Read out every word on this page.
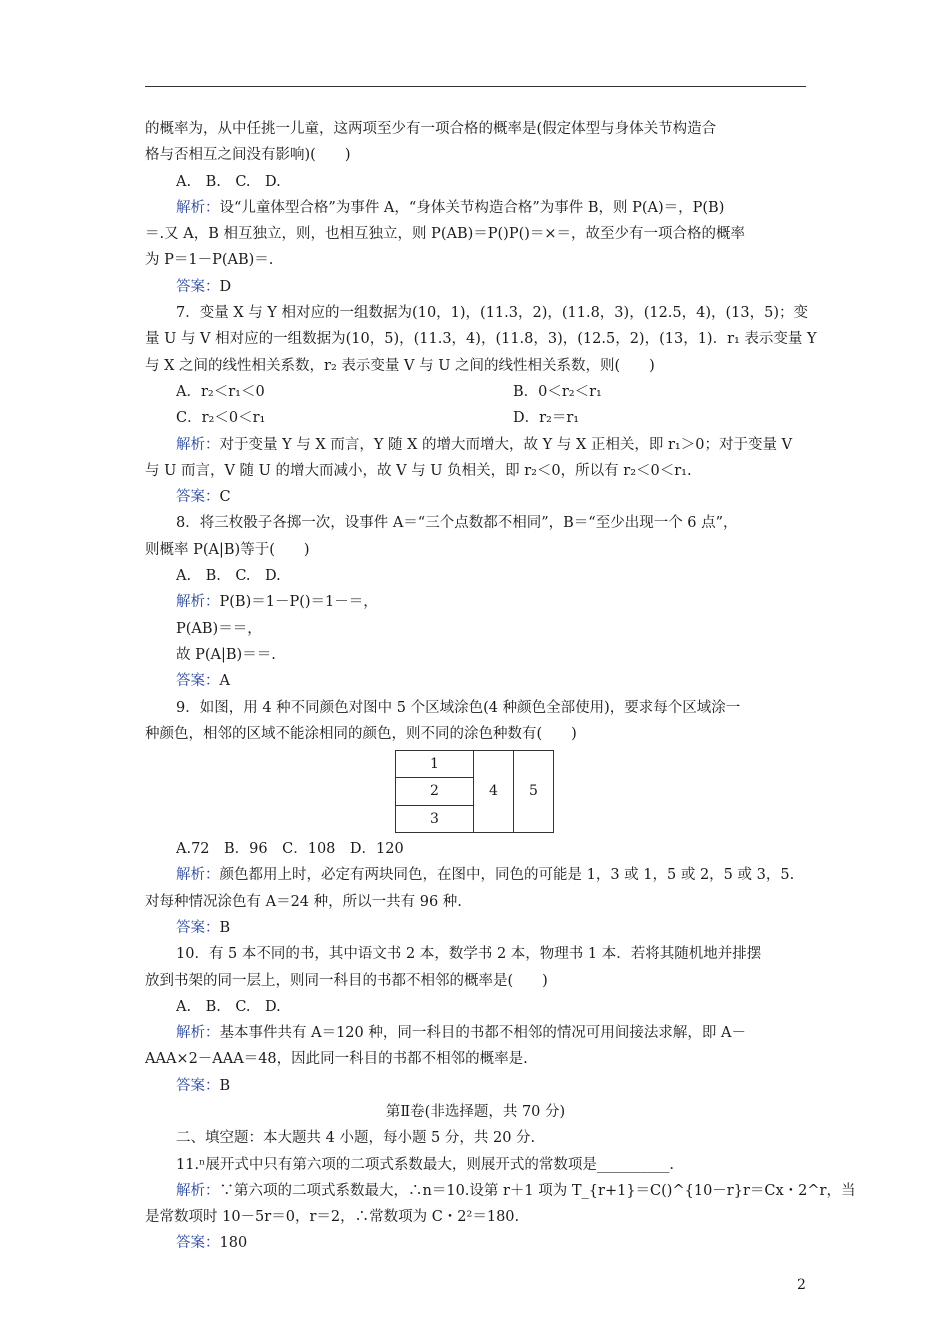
的概率为，从中任挑一儿童，这两项至少有一项合格的概率是(假定体型与身体关节构造合

格与否相互之间没有影响)(　　)

A.　B.　C.　D.

解析：设“儿童体型合格”为事件 A，“身体关节构造合格”为事件 B，则 P(A)＝，P(B)

＝.又 A，B 相互独立，则，也相互独立，则 P(AB)＝P()P()＝×＝，故至少有一项合格的概率

为 P＝1－P(AB)＝.

答案：D

7．变量 X 与 Y 相对应的一组数据为(10，1)，(11.3，2)，(11.8，3)，(12.5，4)，(13，5)；变

量 U 与 V 相对应的一组数据为(10，5)，(11.3，4)，(11.8，3)，(12.5，2)，(13，1)．r₁ 表示变量 Y

与 X 之间的线性相关系数，r₂ 表示变量 V 与 U 之间的线性相关系数，则(　　)

A．r₂＜r₁＜0	B．0＜r₂＜r₁

C．r₂＜0＜r₁	D．r₂＝r₁

解析：对于变量 Y 与 X 而言，Y 随 X 的增大而增大，故 Y 与 X 正相关，即 r₁＞0；对于变量 V

与 U 而言，V 随 U 的增大而减小，故 V 与 U 负相关，即 r₂＜0，所以有 r₂＜0＜r₁.

答案：C

8．将三枚骰子各掷一次，设事件 A＝“三个点数都不相同”，B＝“至少出现一个 6 点”，

则概率 P(A|B)等于(　　)

A.　B.　C.　D.

解析：P(B)＝1－P()＝1－＝，

P(AB)＝＝，

故 P(A|B)＝＝.

答案：A

9．如图，用 4 种不同颜色对图中 5 个区域涂色(4 种颜色全部使用)，要求每个区域涂一

种颜色，相邻的区域不能涂相同的颜色，则不同的涂色种数有(　　)

1	4	5
2
3

A.72　B．96　C．108　D．120

解析：颜色都用上时，必定有两块同色，在图中，同色的可能是 1，3 或 1，5 或 2，5 或 3，5.

对每种情况涂色有 A＝24 种，所以一共有 96 种.

答案：B

10．有 5 本不同的书，其中语文书 2 本，数学书 2 本，物理书 1 本．若将其随机地并排摆

放到书架的同一层上，则同一科目的书都不相邻的概率是(　　)

A.　B.　C.　D.

解析：基本事件共有 A＝120 种，同一科目的书都不相邻的情况可用间接法求解，即 A－

AAA×2－AAA＝48，因此同一科目的书都不相邻的概率是.

答案：B

第Ⅱ卷(非选择题，共 70 分)

二、填空题：本大题共 4 小题，每小题 5 分，共 20 分.

11.ⁿ展开式中只有第六项的二项式系数最大，则展开式的常数项是__________.

解析：∵第六项的二项式系数最大，∴n＝10.设第 r＋1 项为 T_{r+1}＝C()^{10－r}r＝Cx・2^r，当

是常数项时 10－5r＝0，r＝2，∴常数项为 C・2²＝180.

答案：180

2
